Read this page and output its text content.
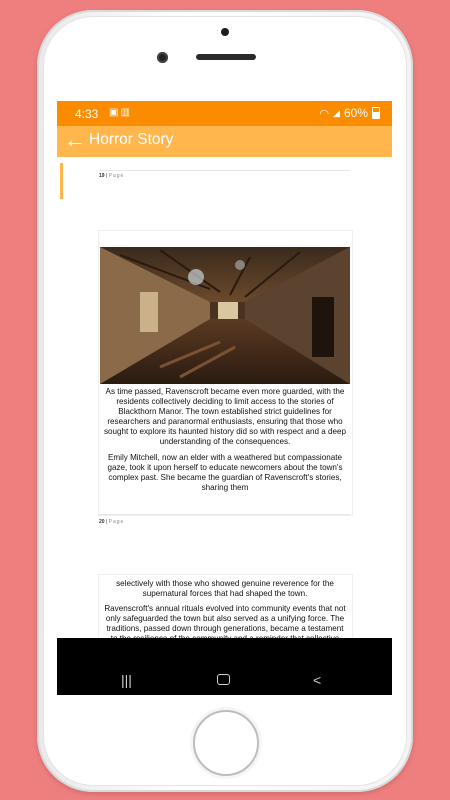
4:33 ▣▥	◠ ◢ 60%
← Horror Story
19 | Page

As time passed, Ravenscroft became even more guarded, with the residents collectively deciding to limit access to the stories of Blackthorn Manor. The town established strict guidelines for researchers and paranormal enthusiasts, ensuring that those who sought to explore its haunted history did so with respect and a deep understanding of the consequences.

Emily Mitchell, now an elder with a weathered but compassionate gaze, took it upon herself to educate newcomers about the town's complex past. She became the guardian of Ravenscroft's stories, sharing them

20 | Page

selectively with those who showed genuine reverence for the supernatural forces that had shaped the town.

Ravenscroft's annual rituals evolved into community events that not only safeguarded the town but also served as a unifying force. The traditions, passed down through generations, became a testament

|||	<
